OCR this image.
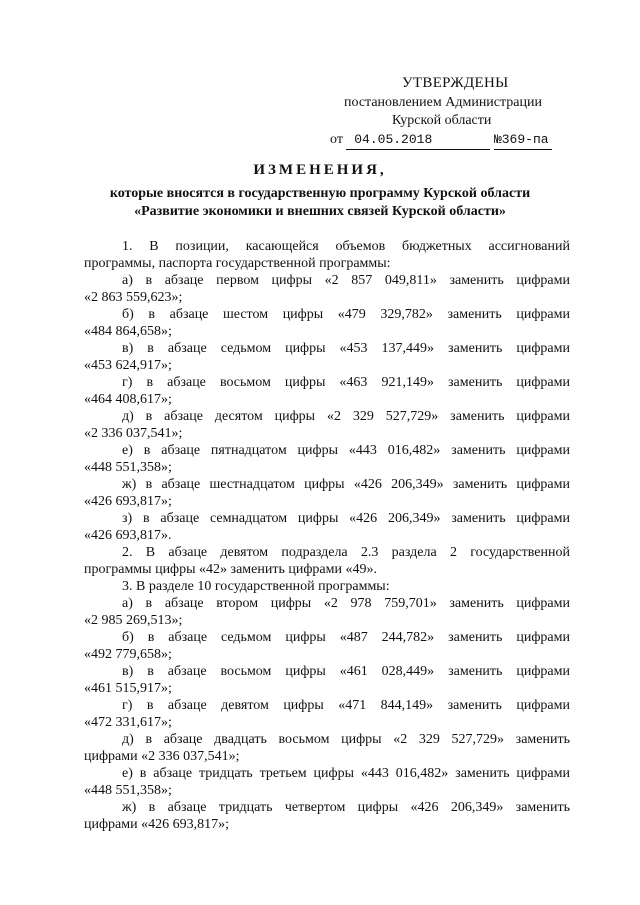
УТВЕРЖДЕНЫ
постановлением Администрации
Курской области
от 04.05.2018	№369-па
ИЗМЕНЕНИЯ,
которые вносятся в государственную программу Курской области
«Развитие экономики и внешних связей Курской области»
1. В позиции, касающейся объемов бюджетных ассигнований
программы, паспорта государственной программы:
а) в абзаце первом цифры «2 857 049,811» заменить цифрами
«2 863 559,623»;
б) в абзаце шестом цифры «479 329,782» заменить цифрами
«484 864,658»;
в) в абзаце седьмом цифры «453 137,449» заменить цифрами
«453 624,917»;
г) в абзаце восьмом цифры «463 921,149» заменить цифрами
«464 408,617»;
д) в абзаце десятом цифры «2 329 527,729» заменить цифрами
«2 336 037,541»;
е) в абзаце пятнадцатом цифры «443 016,482» заменить цифрами
«448 551,358»;
ж) в абзаце шестнадцатом цифры «426 206,349» заменить цифрами
«426 693,817»;
з) в абзаце семнадцатом цифры «426 206,349» заменить цифрами
«426 693,817».
2. В абзаце девятом подраздела 2.3 раздела 2 государственной
программы цифры «42» заменить цифрами «49».
3. В разделе 10 государственной программы:
а) в абзаце втором цифры «2 978 759,701» заменить цифрами
«2 985 269,513»;
б) в абзаце седьмом цифры «487 244,782» заменить цифрами
«492 779,658»;
в) в абзаце восьмом цифры «461 028,449» заменить цифрами
«461 515,917»;
г) в абзаце девятом цифры «471 844,149» заменить цифрами
«472 331,617»;
д) в абзаце двадцать восьмом цифры «2 329 527,729» заменить
цифрами «2 336 037,541»;
е) в абзаце тридцать третьем цифры «443 016,482» заменить цифрами
«448 551,358»;
ж) в абзаце тридцать четвертом цифры «426 206,349» заменить
цифрами «426 693,817»;
